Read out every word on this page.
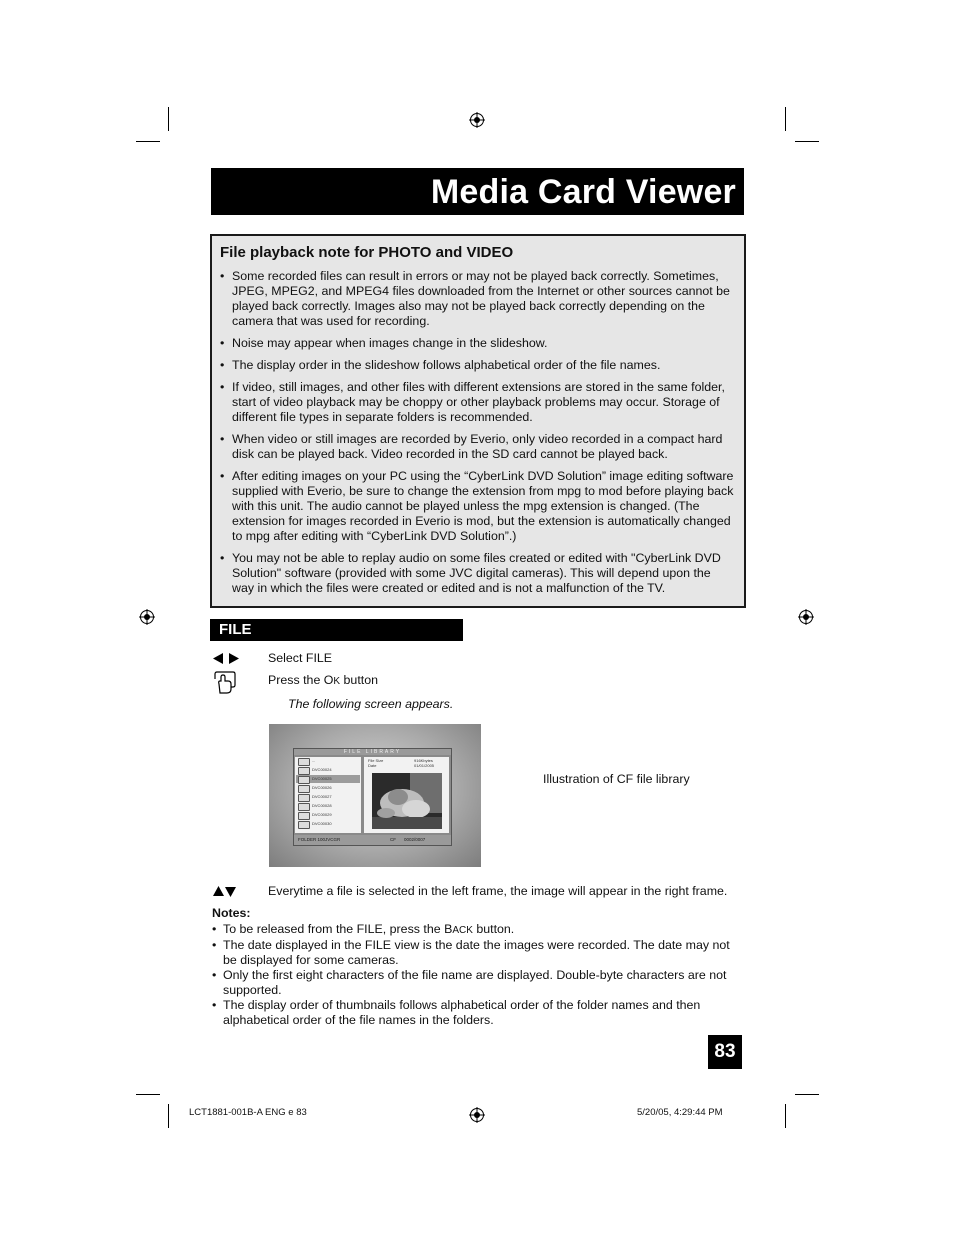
Media Card Viewer
File playback note for PHOTO and VIDEO
• Some recorded files can result in errors or may not be played back correctly. Sometimes, JPEG, MPEG2, and MPEG4 files downloaded from the Internet or other sources cannot be played back correctly. Images also may not be played back correctly depending on the camera that was used for recording.
• Noise may appear when images change in the slideshow.
• The display order in the slideshow follows alphabetical order of the file names.
• If video, still images, and other files with different extensions are stored in the same folder, start of video playback may be choppy or other playback problems may occur. Storage of different file types in separate folders is recommended.
• When video or still images are recorded by Everio, only video recorded in a compact hard disk can be played back. Video recorded in the SD card cannot be played back.
• After editing images on your PC using the “CyberLink DVD Solution” image editing software supplied with Everio, be sure to change the extension from mpg to mod before playing back with this unit. The audio cannot be played unless the mpg extension is changed. (The extension for images recorded in Everio is mod, but the extension is automatically changed to mpg after editing with “CyberLink DVD Solution”.)
• You may not be able to replay audio on some files created or edited with "CyberLink DVD Solution" software (provided with some JVC digital cameras). This will depend upon the way in which the files were created or edited and is not a malfunction of the TV.
FILE
Select FILE
Press the OK button
The following screen appears.
FILE LIBRARY
...
DVC00024
DVC00025
DVC00026
DVC00027
DVC00028
DVC00029
DVC00030
File Size
Date
916Kbytes
01/01/2005
FOLDER 100JVCGR	CF 0002/0007
Illustration of CF file library
Everytime a file is selected in the left frame, the image will appear in the right frame.
Notes:
• To be released from the FILE, press the BACK button.
• The date displayed in the FILE view is the date the images were recorded. The date may not be displayed for some cameras.
• Only the first eight characters of the file name are displayed. Double-byte characters are not supported.
• The display order of thumbnails follows alphabetical order of the folder names and then alphabetical order of the file names in the folders.
83
LCT1881-001B-A ENG e 83	5/20/05, 4:29:44 PM
